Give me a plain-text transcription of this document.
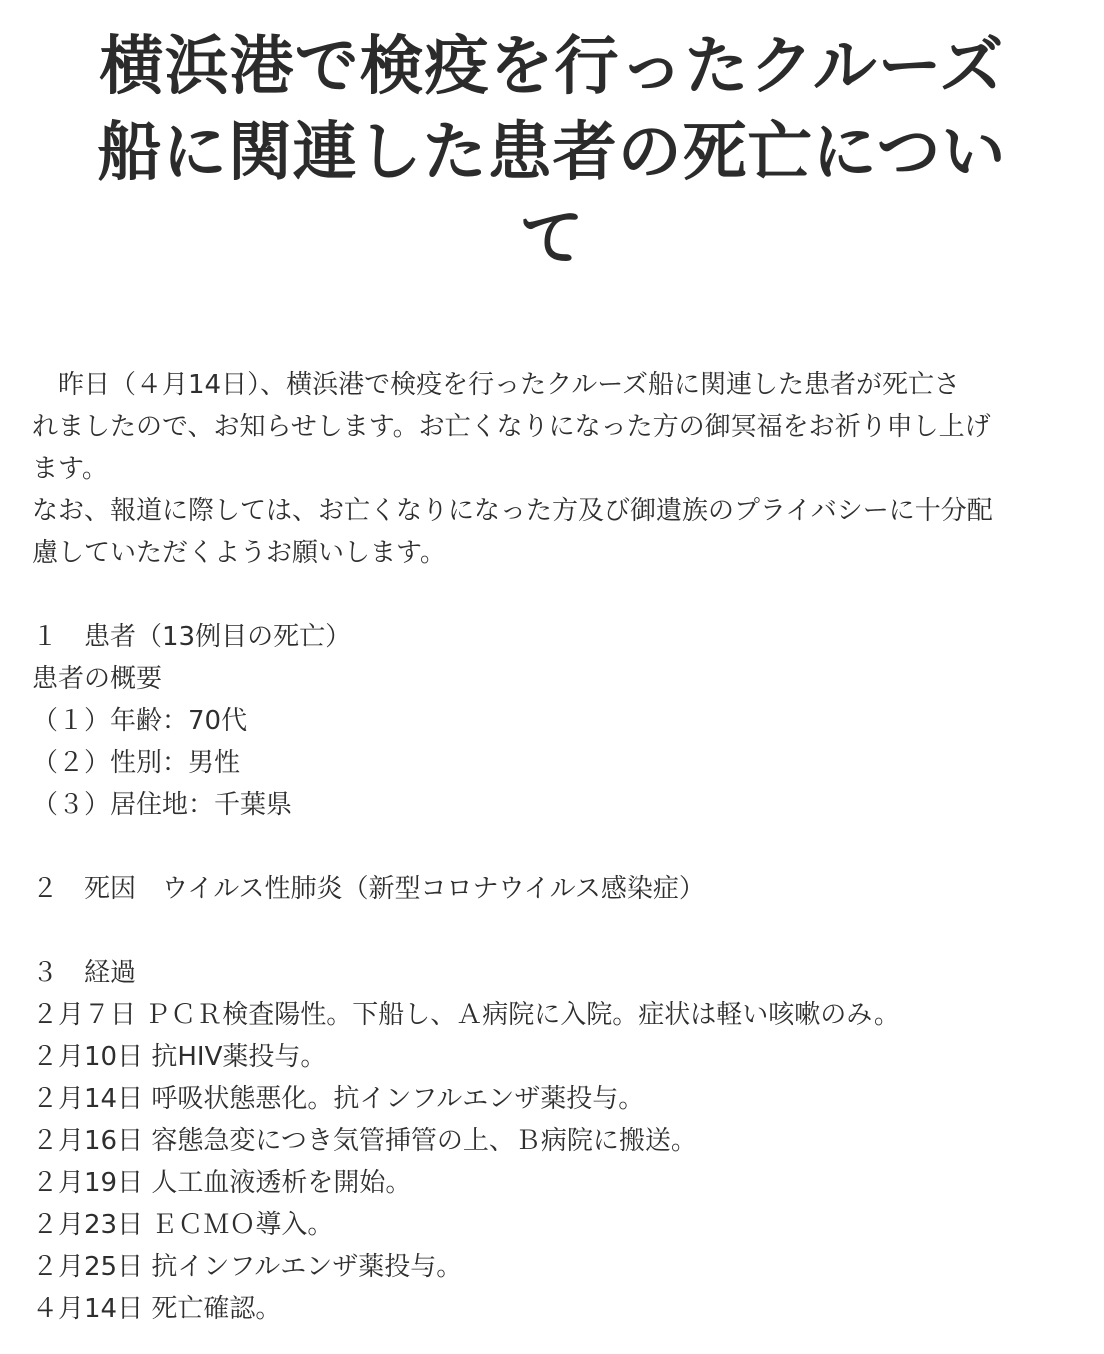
横浜港で検疫を行ったクルーズ
船に関連した患者の死亡につい
て
　昨日（４月14日）、横浜港で検疫を行ったクルーズ船に関連した患者が死亡さ
れましたので、お知らせします。お亡くなりになった方の御冥福をお祈り申し上げ
ます。
なお、報道に際しては、お亡くなりになった方及び御遺族のプライバシーに十分配
慮していただくようお願いします。
１　患者（13例目の死亡）
患者の概要
（１）年齢：70代
（２）性別：男性
（３）居住地：千葉県
２　死因　ウイルス性肺炎（新型コロナウイルス感染症）
３　経過
２月７日 ＰＣＲ検査陽性。下船し、Ａ病院に入院。症状は軽い咳嗽のみ。
２月10日 抗HIV薬投与。
２月14日 呼吸状態悪化。抗インフルエンザ薬投与。
２月16日 容態急変につき気管挿管の上、Ｂ病院に搬送。
２月19日 人工血液透析を開始。
２月23日 ＥＣＭＯ導入。
２月25日 抗インフルエンザ薬投与。
４月14日 死亡確認。
